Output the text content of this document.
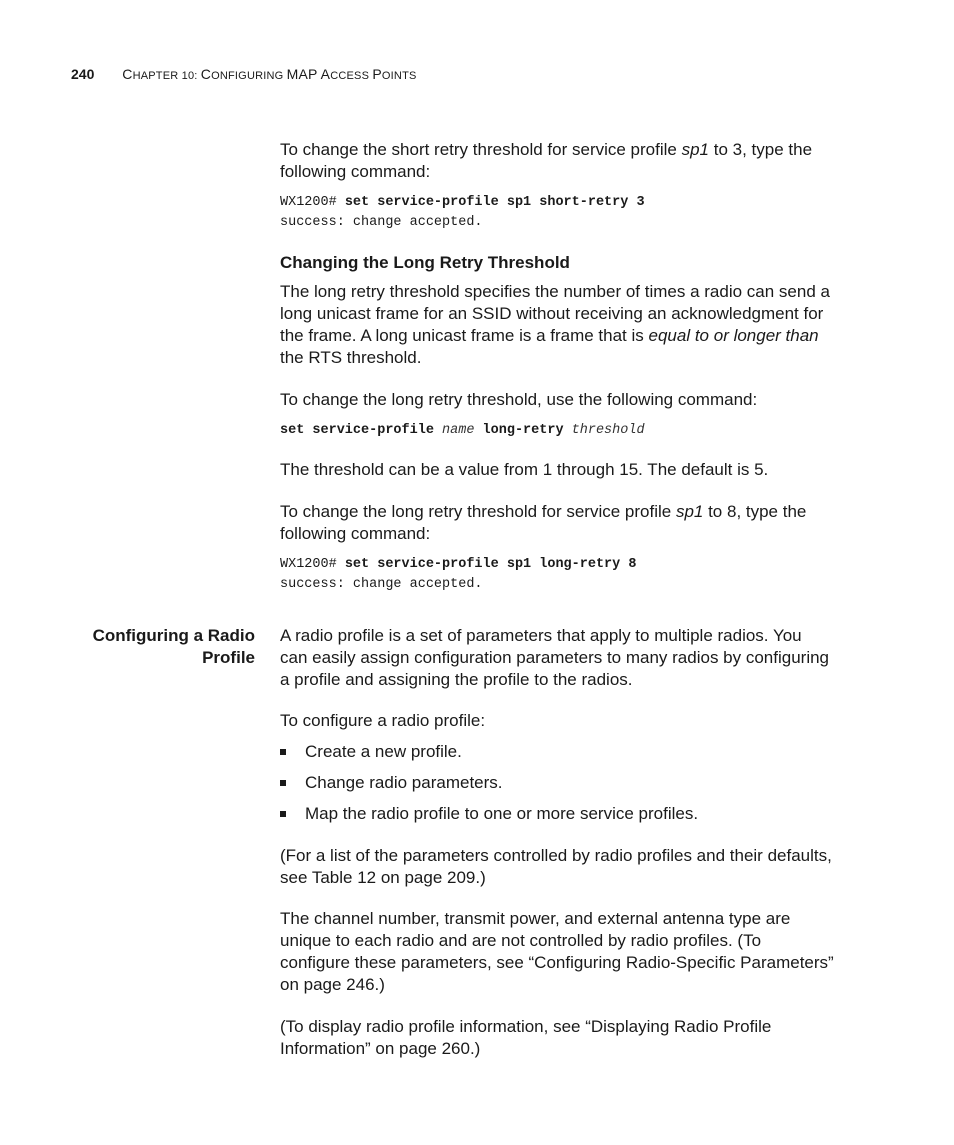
240 CHAPTER 10: CONFIGURING MAP ACCESS POINTS

To change the short retry threshold for service profile sp1 to 3, type the
following command:

WX1200# set service-profile sp1 short-retry 3
success: change accepted.
Changing the Long Retry Threshold

The long retry threshold specifies the number of times a radio can send a
long unicast frame for an SSID without receiving an acknowledgment for
the frame. A long unicast frame is a frame that is equal to or longer than
the RTS threshold.

To change the long retry threshold, use the following command:
set service-profile name long-retry threshold
The threshold can be a value from 1 through 15. The default is 5.

To change the long retry threshold for service profile sp1 to 8, type the
following command:

WX1200# set service-profile sp1 long-retry 8
success: change accepted.
Configuring a Radio
Profile

A radio profile is a set of parameters that apply to multiple radios. You
can easily assign configuration parameters to many radios by configuring
a profile and assigning the profile to the radios.

To configure a radio profile:
Create a new profile.
Change radio parameters.
Map the radio profile to one or more service profiles.

(For a list of the parameters controlled by radio profiles and their defaults,
see Table 12 on page 209.)

The channel number, transmit power, and external antenna type are
unique to each radio and are not controlled by radio profiles. (To
configure these parameters, see “Configuring Radio-Specific Parameters”
on page 246.)

(To display radio profile information, see “Displaying Radio Profile
Information” on page 260.)
